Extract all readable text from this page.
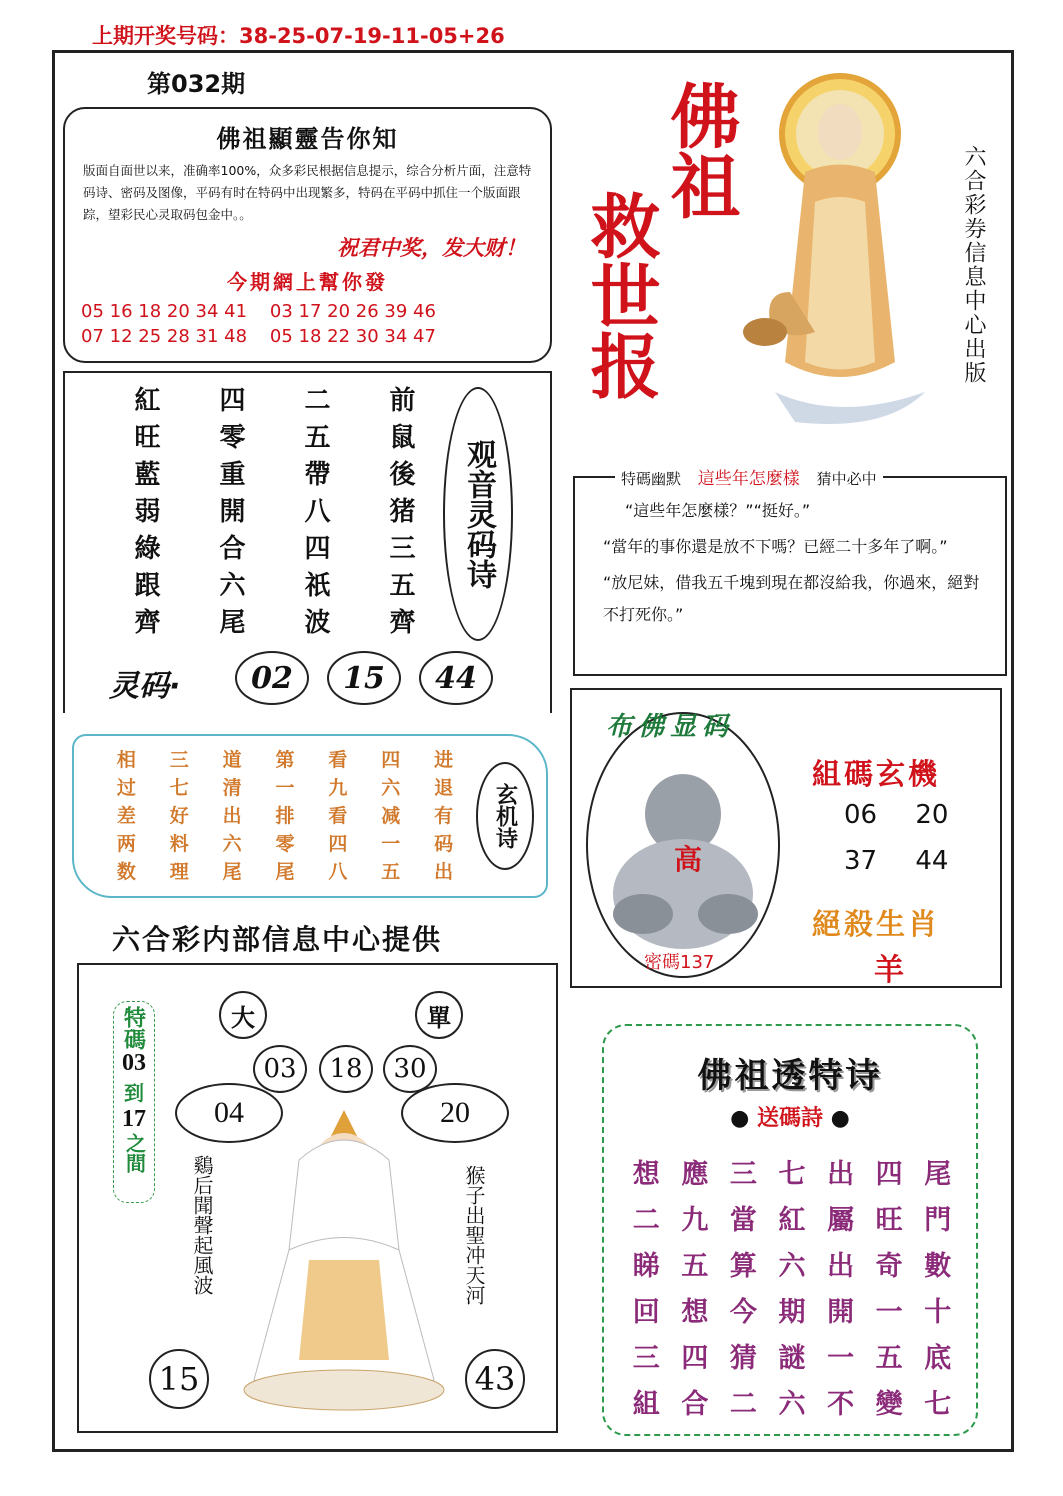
上期开奖号码：38-25-07-19-11-05+26
第032期
佛祖顯靈告你知
版面自面世以来，准确率100%，众多彩民根据信息提示，综合分析片面，注意特码诗、密码及图像，平码有时在特码中出现繁多，特码在平码中抓住一个版面跟踪，望彩民心灵取码包金中。。
祝君中奖，发大财！
今期網上幫你發
05 16 18 20 34 41    03 17 20 26 39 46
07 12 25 28 31 48    05 18 22 30 34 47
佛祖
救世报	六合彩券信息中心出版
紅	四	二	前
旺	零	五	鼠
藍	重	帶	後
弱	開	八	猪
綠	合	四	三
跟	六	祇	五
齊	尾	波	齊
观音灵码诗
灵码·	02	15	44
特碼幽默 這些年怎麼樣 猜中必中
“這些年怎麼樣？”“挺好。”
“當年的事你還是放不下嗎？已經二十多年了啊。”
“放尼妹，借我五千塊到現在都沒給我，你過來，絕對不打死你。”
相	三	道	第	看	四	进
过	七	清	一	九	六	退
差	好	出	排	看	减	有
两	料	六	零	四	一	码
数	理	尾	尾	八	五	出
玄机诗
布佛显码
高
密碼137
組碼玄機
06 20
37 44
絕殺生肖
羊
六合彩内部信息中心提供
大	單
03	18	30
04	20
特碼
03
到
17
之間
鷄后聞聲起風波	猴子出聖冲天河
15	43
佛祖透特诗
● 送碼詩 ●
想 應 三 七 出 四 尾
二 九 當 紅 屬 旺 門
睇 五 算 六 出 奇 數
回 想 今 期 開 一 十
三 四 猜 謎 一 五 底
組 合 二 六 不 變 七
